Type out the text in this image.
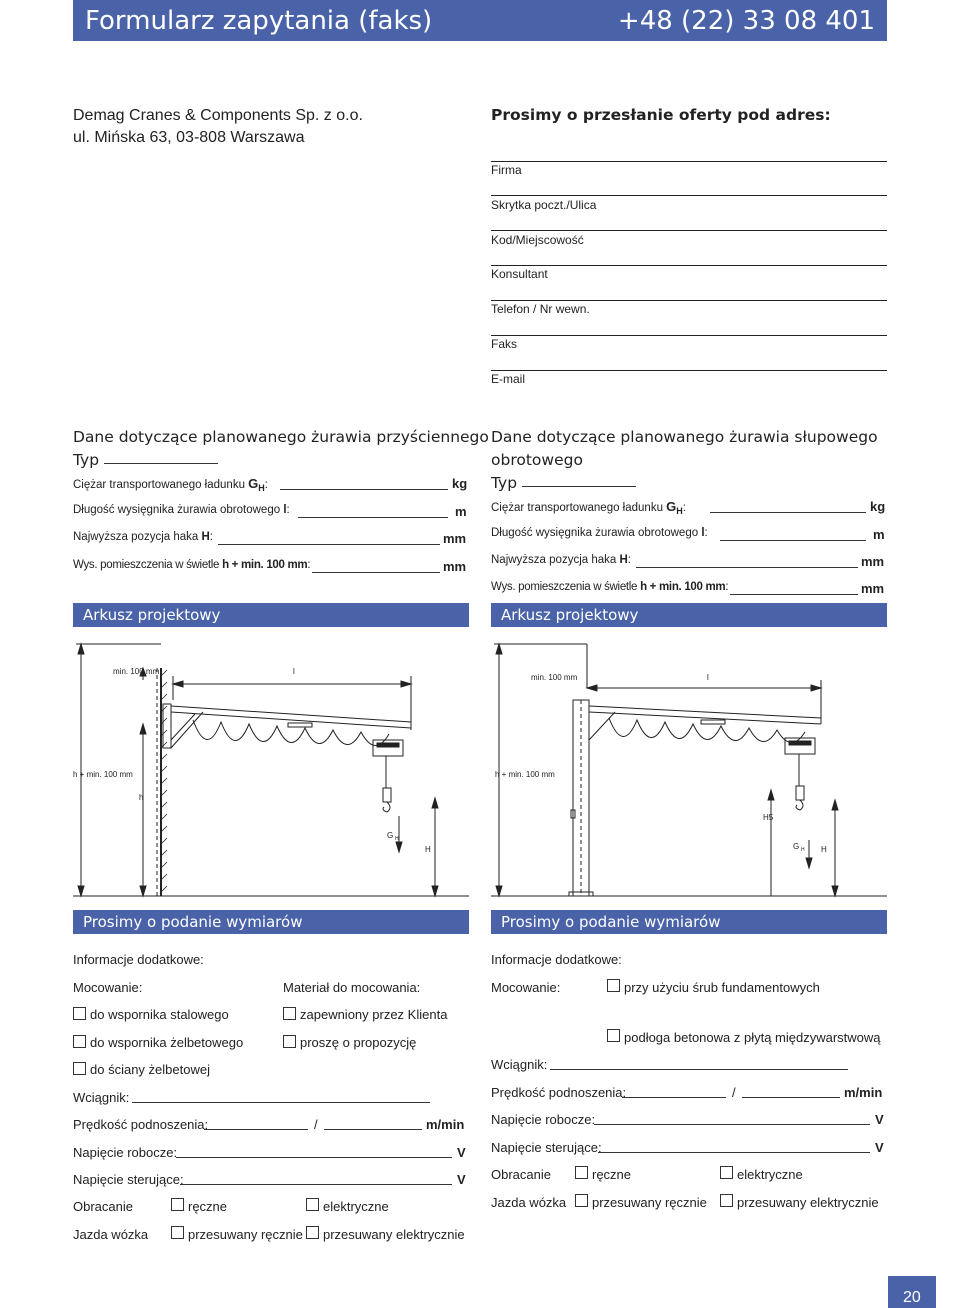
Formularz zapytania (faks)	+48 (22) 33 08 401
Demag Cranes & Components Sp. z o.o.
ul. Mińska 63, 03-808 Warszawa
Prosimy o przesłanie oferty pod adres:
Firma
Skrytka poczt./Ulica
Kod/Miejscowość
Konsultant
Telefon / Nr wewn.
Faks
E-mail
Dane dotyczące planowanego żurawia przyściennego
Typ
Ciężar transportowanego ładunku $G_H$:	kg
Długość wysięgnika żurawia obrotowego l:	m
Najwyższa pozycja haka H:	mm
Wys. pomieszczenia w świetle h + min. 100 mm:	mm
Arkusz projektowy
Dane dotyczące planowanego żurawia słupowego
obrotowego
Typ
Ciężar transportowanego ładunku $G_H$:	kg
Długość wysięgnika żurawia obrotowego l:	m
Najwyższa pozycja haka H:	mm
Wys. pomieszczenia w świetle h + min. 100 mm:	mm
Arkusz projektowy
min. 100 mm	l
h + min. 100 mm
h
G H
H
min. 100 mm	l
h + min. 100 mm
H5
G H H
Prosimy o podanie wymiarów	Prosimy o podanie wymiarów
Informacje dodatkowe:
Mocowanie:	Materiał do mocowania:
do wspornika stalowego	zapewniony przez Klienta
do wspornika żelbetowego	proszę o propozycję
do ściany żelbetowej
Wciągnik:
Prędkość podnoszenia:	/	m/min
Napięcie robocze:	V
Napięcie sterujące:	V
Obracanie	ręczne	elektryczne
Jazda wózka	przesuwany ręcznie przesuwany elektrycznie
Informacje dodatkowe:
Mocowanie:	przy użyciu śrub fundamentowych
podłoga betonowa z płytą międzywarstwową
Wciągnik:
Prędkość podnoszenia:	/	m/min
Napięcie robocze:	V
Napięcie sterujące:	V
Obracanie	ręczne	elektryczne
Jazda wózka przesuwany ręcznie przesuwany elektrycznie
20
